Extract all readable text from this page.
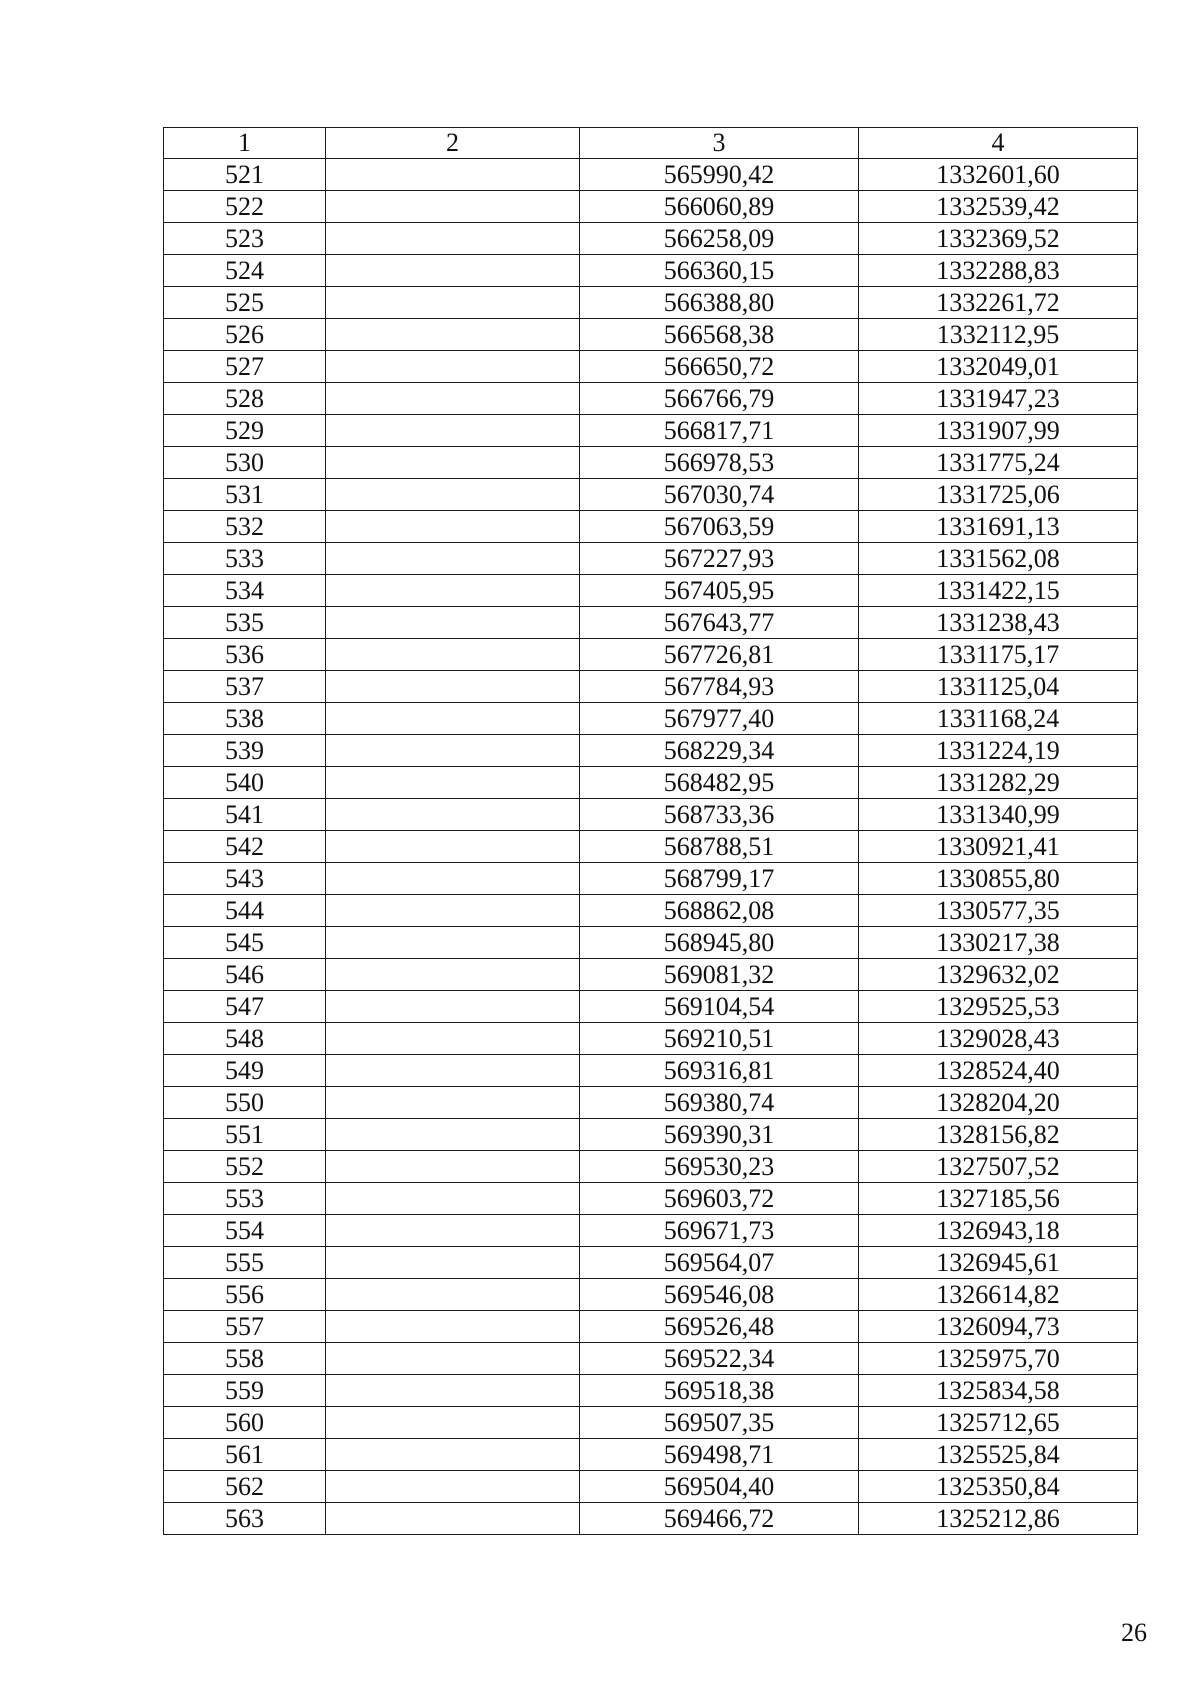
1	2	3	4
521		565990,42	1332601,60
522		566060,89	1332539,42
523		566258,09	1332369,52
524		566360,15	1332288,83
525		566388,80	1332261,72
526		566568,38	1332112,95
527		566650,72	1332049,01
528		566766,79	1331947,23
529		566817,71	1331907,99
530		566978,53	1331775,24
531		567030,74	1331725,06
532		567063,59	1331691,13
533		567227,93	1331562,08
534		567405,95	1331422,15
535		567643,77	1331238,43
536		567726,81	1331175,17
537		567784,93	1331125,04
538		567977,40	1331168,24
539		568229,34	1331224,19
540		568482,95	1331282,29
541		568733,36	1331340,99
542		568788,51	1330921,41
543		568799,17	1330855,80
544		568862,08	1330577,35
545		568945,80	1330217,38
546		569081,32	1329632,02
547		569104,54	1329525,53
548		569210,51	1329028,43
549		569316,81	1328524,40
550		569380,74	1328204,20
551		569390,31	1328156,82
552		569530,23	1327507,52
553		569603,72	1327185,56
554		569671,73	1326943,18
555		569564,07	1326945,61
556		569546,08	1326614,82
557		569526,48	1326094,73
558		569522,34	1325975,70
559		569518,38	1325834,58
560		569507,35	1325712,65
561		569498,71	1325525,84
562		569504,40	1325350,84
563		569466,72	1325212,86
26
